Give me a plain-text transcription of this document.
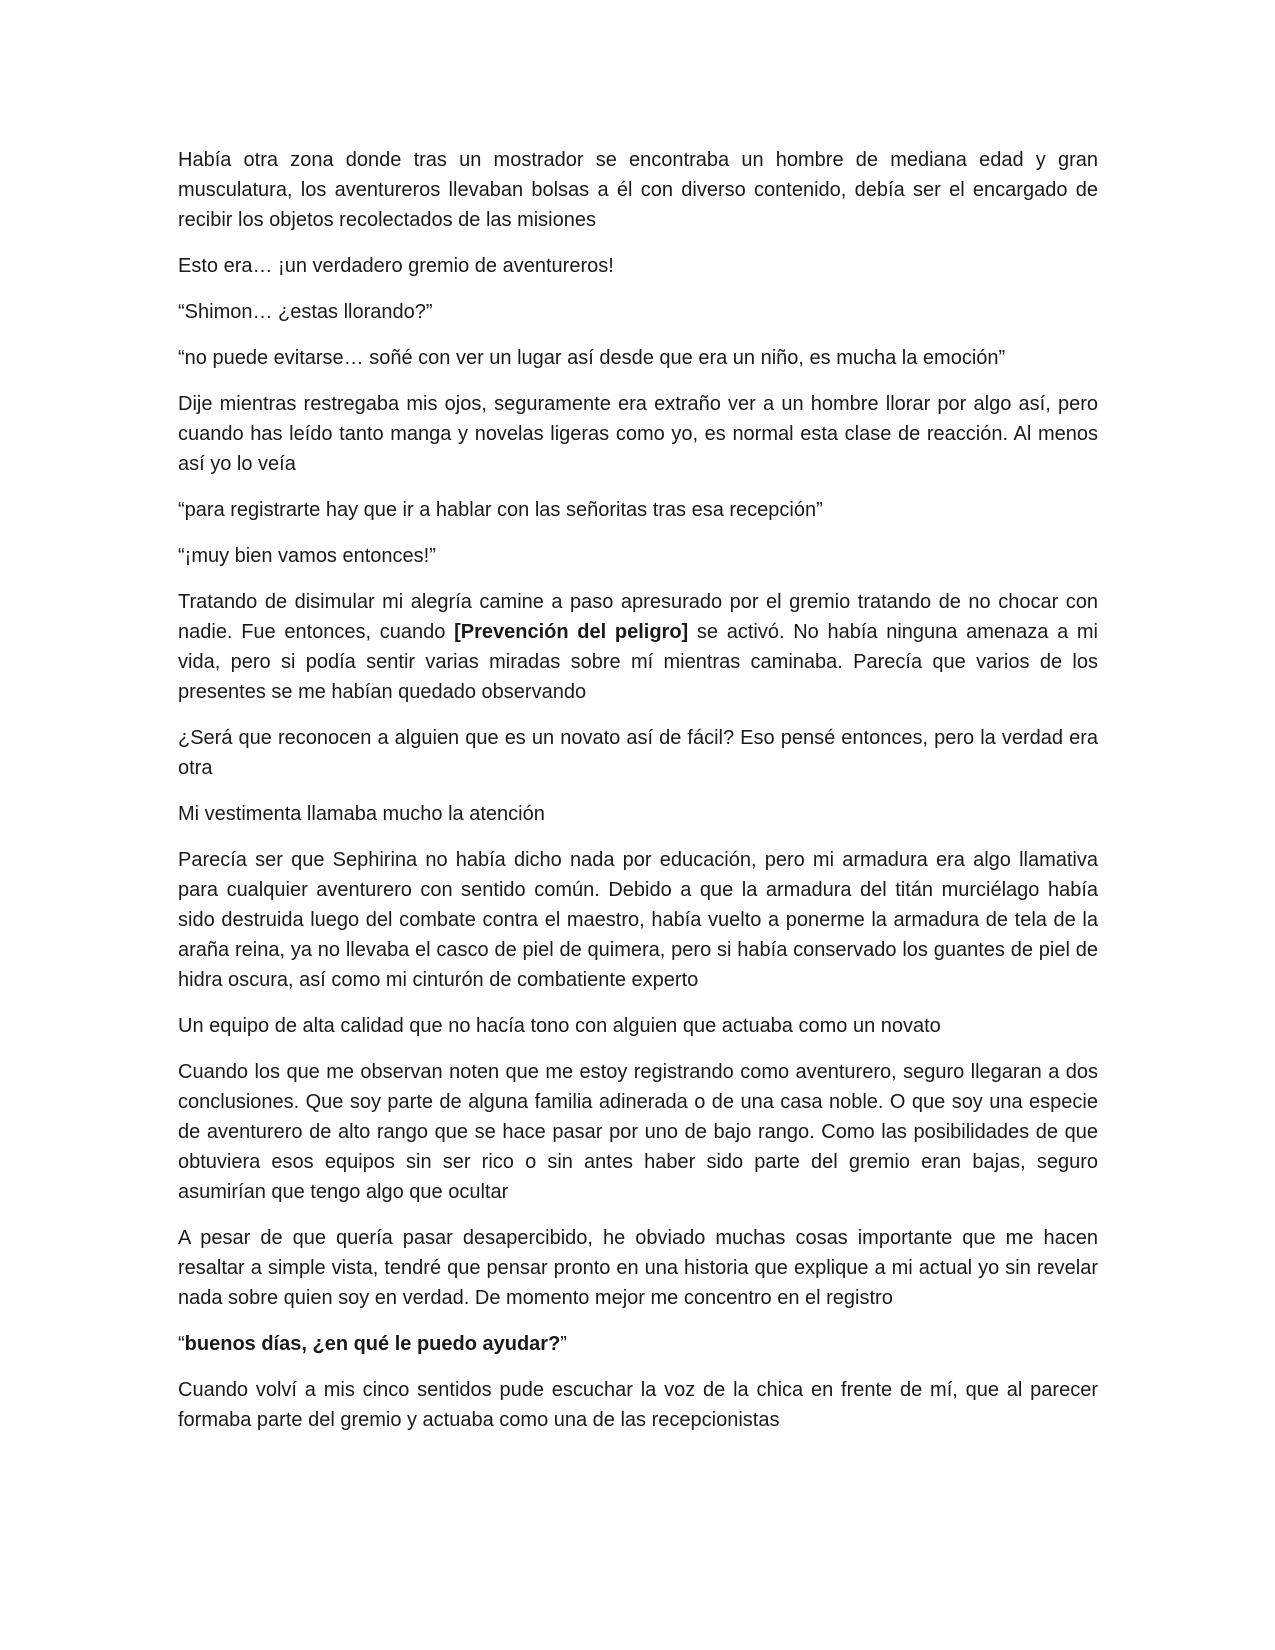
Había otra zona donde tras un mostrador se encontraba un hombre de mediana edad y gran musculatura, los aventureros llevaban bolsas a él con diverso contenido, debía ser el encargado de recibir los objetos recolectados de las misiones

Esto era… ¡un verdadero gremio de aventureros!

“Shimon… ¿estas llorando?”

“no puede evitarse… soñé con ver un lugar así desde que era un niño, es mucha la emoción”

Dije mientras restregaba mis ojos, seguramente era extraño ver a un hombre llorar por algo así, pero cuando has leído tanto manga y novelas ligeras como yo, es normal esta clase de reacción. Al menos así yo lo veía

“para registrarte hay que ir a hablar con las señoritas tras esa recepción”

“¡muy bien vamos entonces!”

Tratando de disimular mi alegría camine a paso apresurado por el gremio tratando de no chocar con nadie. Fue entonces, cuando [Prevención del peligro] se activó. No había ninguna amenaza a mi vida, pero si podía sentir varias miradas sobre mí mientras caminaba. Parecía que varios de los presentes se me habían quedado observando

¿Será que reconocen a alguien que es un novato así de fácil? Eso pensé entonces, pero la verdad era otra

Mi vestimenta llamaba mucho la atención

Parecía ser que Sephirina no había dicho nada por educación, pero mi armadura era algo llamativa para cualquier aventurero con sentido común. Debido a que la armadura del titán murciélago había sido destruida luego del combate contra el maestro, había vuelto a ponerme la armadura de tela de la araña reina, ya no llevaba el casco de piel de quimera, pero si había conservado los guantes de piel de hidra oscura, así como mi cinturón de combatiente experto

Un equipo de alta calidad que no hacía tono con alguien que actuaba como un novato

Cuando los que me observan noten que me estoy registrando como aventurero, seguro llegaran a dos conclusiones. Que soy parte de alguna familia adinerada o de una casa noble. O que soy una especie de aventurero de alto rango que se hace pasar por uno de bajo rango. Como las posibilidades de que obtuviera esos equipos sin ser rico o sin antes haber sido parte del gremio eran bajas, seguro asumirían que tengo algo que ocultar

A pesar de que quería pasar desapercibido, he obviado muchas cosas importante que me hacen resaltar a simple vista, tendré que pensar pronto en una historia que explique a mi actual yo sin revelar nada sobre quien soy en verdad. De momento mejor me concentro en el registro

“buenos días, ¿en qué le puedo ayudar?”

Cuando volví a mis cinco sentidos pude escuchar la voz de la chica en frente de mí, que al parecer formaba parte del gremio y actuaba como una de las recepcionistas
